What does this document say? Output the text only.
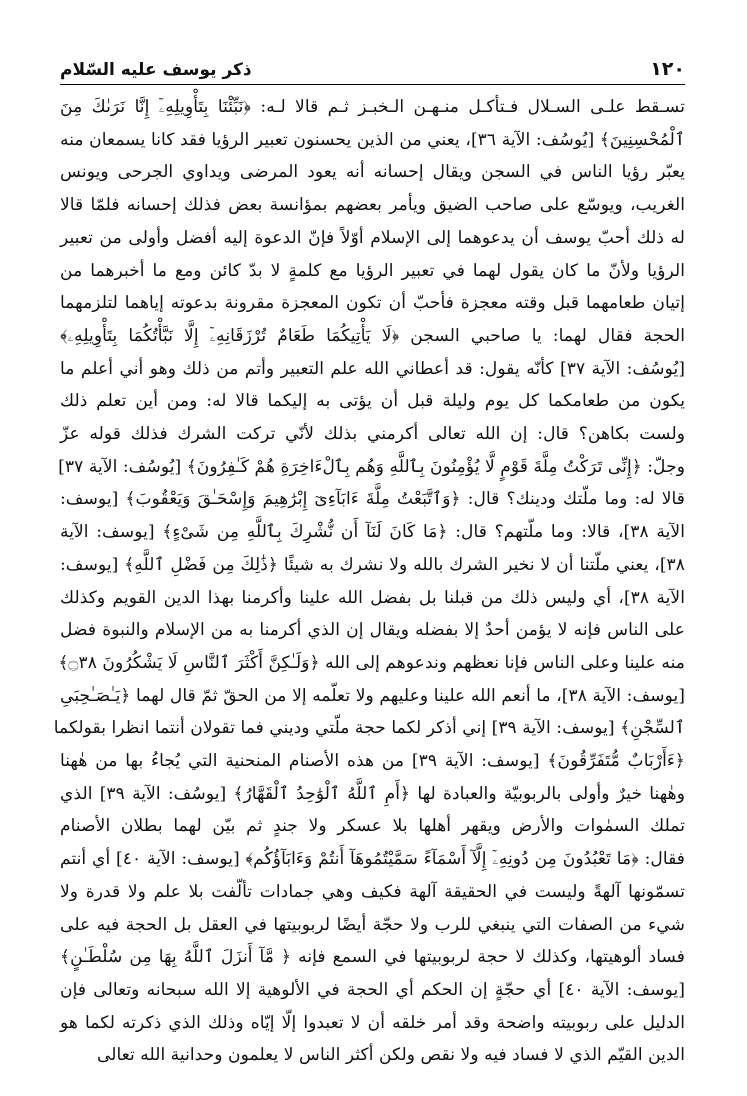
١٢٠
ذكر يوسف عليه السّلام
تسـقط علـى السـلال فـتأكـل منـهـن الـخبـز ثـم قالا لـه: ﴿نَبِّئْنَا بِتَأْوِيلِهِۦٓ إِنَّا نَرَىٰكَ مِنَ
ٱلْمُحْسِنِينَ﴾ [يُوسُف: الآية ٣٦]، يعني من الذين يحسنون تعبير الرؤيا فقد كانا يسمعان منه
يعبّر رؤيا الناس في السجن ويقال إحسانه أنه يعود المرضى ويداوي الجرحى ويونس
الغريب، ويوسّع على صاحب الضيق ويأمر بعضهم بمؤانسة بعض فذلك إحسانه فلمّا قالا
له ذلك أحبّ يوسف أن يدعوهما إلى الإسلام أوّلاً فإنّ الدعوة إليه أفضل وأولى من تعبير
الرؤيا ولأنّ ما كان يقول لهما في تعبير الرؤيا مع كلمةٍ لا بدّ كائن ومع ما أخبرهما من
إتيان طعامهما قبل وقته معجزة فأحبّ أن تكون المعجزة مقرونة بدعوته إياهما لتلزمهما
الحجة فقال لهما: يا صاحبي السجن ﴿لَا يَأْتِيكُمَا طَعَامٌ تُرْزَقَانِهِۦٓ إِلَّا نَبَّأْتُكُمَا بِتَأْوِيلِهِۦ﴾
[يُوسُف: الآية ٣٧] كأنّه يقول: قد أعطاني الله علم التعبير وأتم من ذلك وهو أني أعلم ما
يكون من طعامكما كل يوم وليلة قبل أن يؤتى به إليكما قالا له: ومن أين تعلم ذلك
ولست بكاهن؟ قال: إن الله تعالى أكرمني بذلك لأنّي تركت الشرك فذلك قوله عزّ
وجلّ: ﴿إِنِّى تَرَكْتُ مِلَّةَ قَوْمٍ لَّا يُؤْمِنُونَ بِٱللَّهِ وَهُم بِٱلْءَاخِرَةِ هُمْ كَـٰفِرُونَ﴾ [يُوسُف: الآية ٣٧]
قالا له: وما ملّتك ودينك؟ قال: ﴿وَٱتَّبَعْتُ مِلَّةَ ءَابَآءِىٓ إِبْرَٰهِيمَ وَإِسْحَـٰقَ وَيَعْقُوبَ﴾ [يوسف:
الآية ٣٨]، قالا: وما ملّتهم؟ قال: ﴿مَا كَانَ لَنَآ أَن نُّشْرِكَ بِٱللَّهِ مِن شَىْءٍ﴾ [يوسف: الآية
٣٨]، يعني ملّتنا أن لا نخير الشرك بالله ولا نشرك به شيئًا ﴿ذَٰلِكَ مِن فَضْلِ ٱللَّهِ﴾ [يوسف:
الآية ٣٨]، أي وليس ذلك من قبلنا بل بفضل الله علينا وأكرمنا بهذا الدين القويم وكذلك
على الناس فإنه لا يؤمن أحدٌ إلا بفضله ويقال إن الذي أكرمنا به من الإسلام والنبوة فضل
منه علينا وعلى الناس فإنا نعظهم وندعوهم إلى الله ﴿وَلَـٰكِنَّ أَكْثَرَ ٱلنَّاسِ لَا يَشْكُرُونَ ۝٣٨﴾
[يوسف: الآية ٣٨]، ما أنعم الله علينا وعليهم ولا تعلّمه إلا من الحقّ ثمّ قال لهما ﴿يَـٰصَـٰحِبَىِ
ٱلسِّجْنِ﴾ [يوسف: الآية ٣٩] إني أذكر لكما حجة ملّتي وديني فما تقولان أنتما انظرا بقولكما
﴿ءَأَرْبَابٌ مُّتَفَرِّقُونَ﴾ [يوسف: الآية ٣٩] من هذه الأصنام المنحنية التي يُجاءُ بها من هٰهنا
وهٰهنا خيرٌ وأولى بالربوبيّة والعبادة لها ﴿أَمِ ٱللَّهُ ٱلْوَٰحِدُ ٱلْقَهَّارُ﴾ [يوسُف: الآية ٣٩] الذي
تملك السمٰوات والأرض ويقهر أهلها بلا عسكر ولا جندٍ ثم بيّن لهما بطلان الأصنام
فقال: ﴿مَا تَعْبُدُونَ مِن دُونِهِۦٓ إِلَّآ أَسْمَآءً سَمَّيْتُمُوهَآ أَنتُمْ وَءَابَآؤُكُم﴾ [يوسف: الآية ٤٠] أي أنتم
تسمّونها آلهةً وليست في الحقيقة آلهة فكيف وهي جمادات تألّفت بلا علم ولا قدرة ولا
شيء من الصفات التي ينبغي للرب ولا حجّة أيضًا لربوبيتها في العقل بل الحجة فيه على
فساد ألوهيتها، وكذلك لا حجة لربوبيتها في السمع فإنه ﴿ مَّآ أَنزَلَ ٱللَّهُ بِهَا مِن سُلْطَـٰنٍ﴾
[يوسف: الآية ٤٠] أي حجّةٍ إن الحكم أي الحجة في الألوهية إلا الله سبحانه وتعالى فإن
الدليل على ربوبيته واضحة وقد أمر خلقه أن لا تعبدوا إلّا إيّاه وذلك الذي ذكرته لكما هو
الدين القيّم الذي لا فساد فيه ولا نقص ولكن أكثر الناس لا يعلمون وحدانية الله تعالى
